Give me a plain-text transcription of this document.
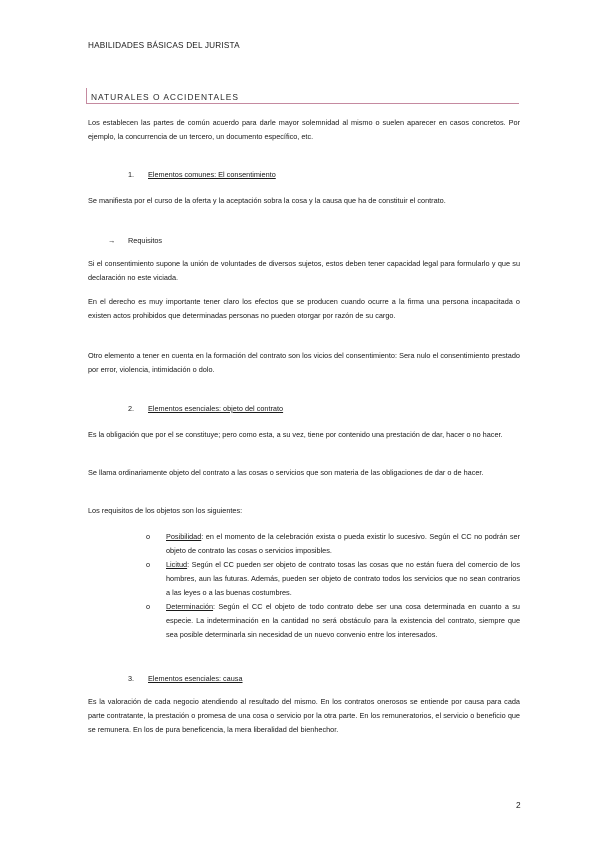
HABILIDADES BÁSICAS DEL JURISTA
NATURALES O ACCIDENTALES
Los establecen las partes de común acuerdo para darle mayor solemnidad al mismo o suelen aparecer en casos concretos. Por ejemplo, la concurrencia de un tercero, un documento específico, etc.
1. Elementos comunes: El consentimiento
Se manifiesta por el curso de la oferta y la aceptación sobra la cosa y la causa que ha de constituir el contrato.
→ Requisitos
Si el consentimiento supone la unión de voluntades de diversos sujetos, estos deben tener capacidad legal para formularlo y que su declaración no este viciada.
En el derecho es muy importante tener claro los efectos que se producen cuando ocurre a la firma una persona incapacitada o existen actos prohibidos que determinadas personas no pueden otorgar por razón de su cargo.
Otro elemento a tener en cuenta en la formación del contrato son los vicios del consentimiento: Sera nulo el consentimiento prestado por error, violencia, intimidación o dolo.
2. Elementos esenciales: objeto del contrato
Es la obligación que por el se constituye; pero como esta, a su vez, tiene por contenido una prestación de dar, hacer o no hacer.
Se llama ordinariamente objeto del contrato a las cosas o servicios que son materia de las obligaciones de dar o de hacer.
Los requisitos de los objetos son los siguientes:
o Posibilidad: en el momento de la celebración exista o pueda existir lo sucesivo. Según el CC no podrán ser objeto de contrato las cosas o servicios imposibles.
o Licitud: Según el CC pueden ser objeto de contrato tosas las cosas que no están fuera del comercio de los hombres, aun las futuras. Además, pueden ser objeto de contrato todos los servicios que no sean contrarios a las leyes o a las buenas costumbres.
o Determinación: Según el CC el objeto de todo contrato debe ser una cosa determinada en cuanto a su especie. La indeterminación en la cantidad no será obstáculo para la existencia del contrato, siempre que sea posible determinarla sin necesidad de un nuevo convenio entre los interesados.
3. Elementos esenciales: causa
Es la valoración de cada negocio atendiendo al resultado del mismo. En los contratos onerosos se entiende por causa para cada parte contratante, la prestación o promesa de una cosa o servicio por la otra parte. En los remuneratorios, el servicio o beneficio que se remunera. En los de pura beneficencia, la mera liberalidad del bienhechor.
2
